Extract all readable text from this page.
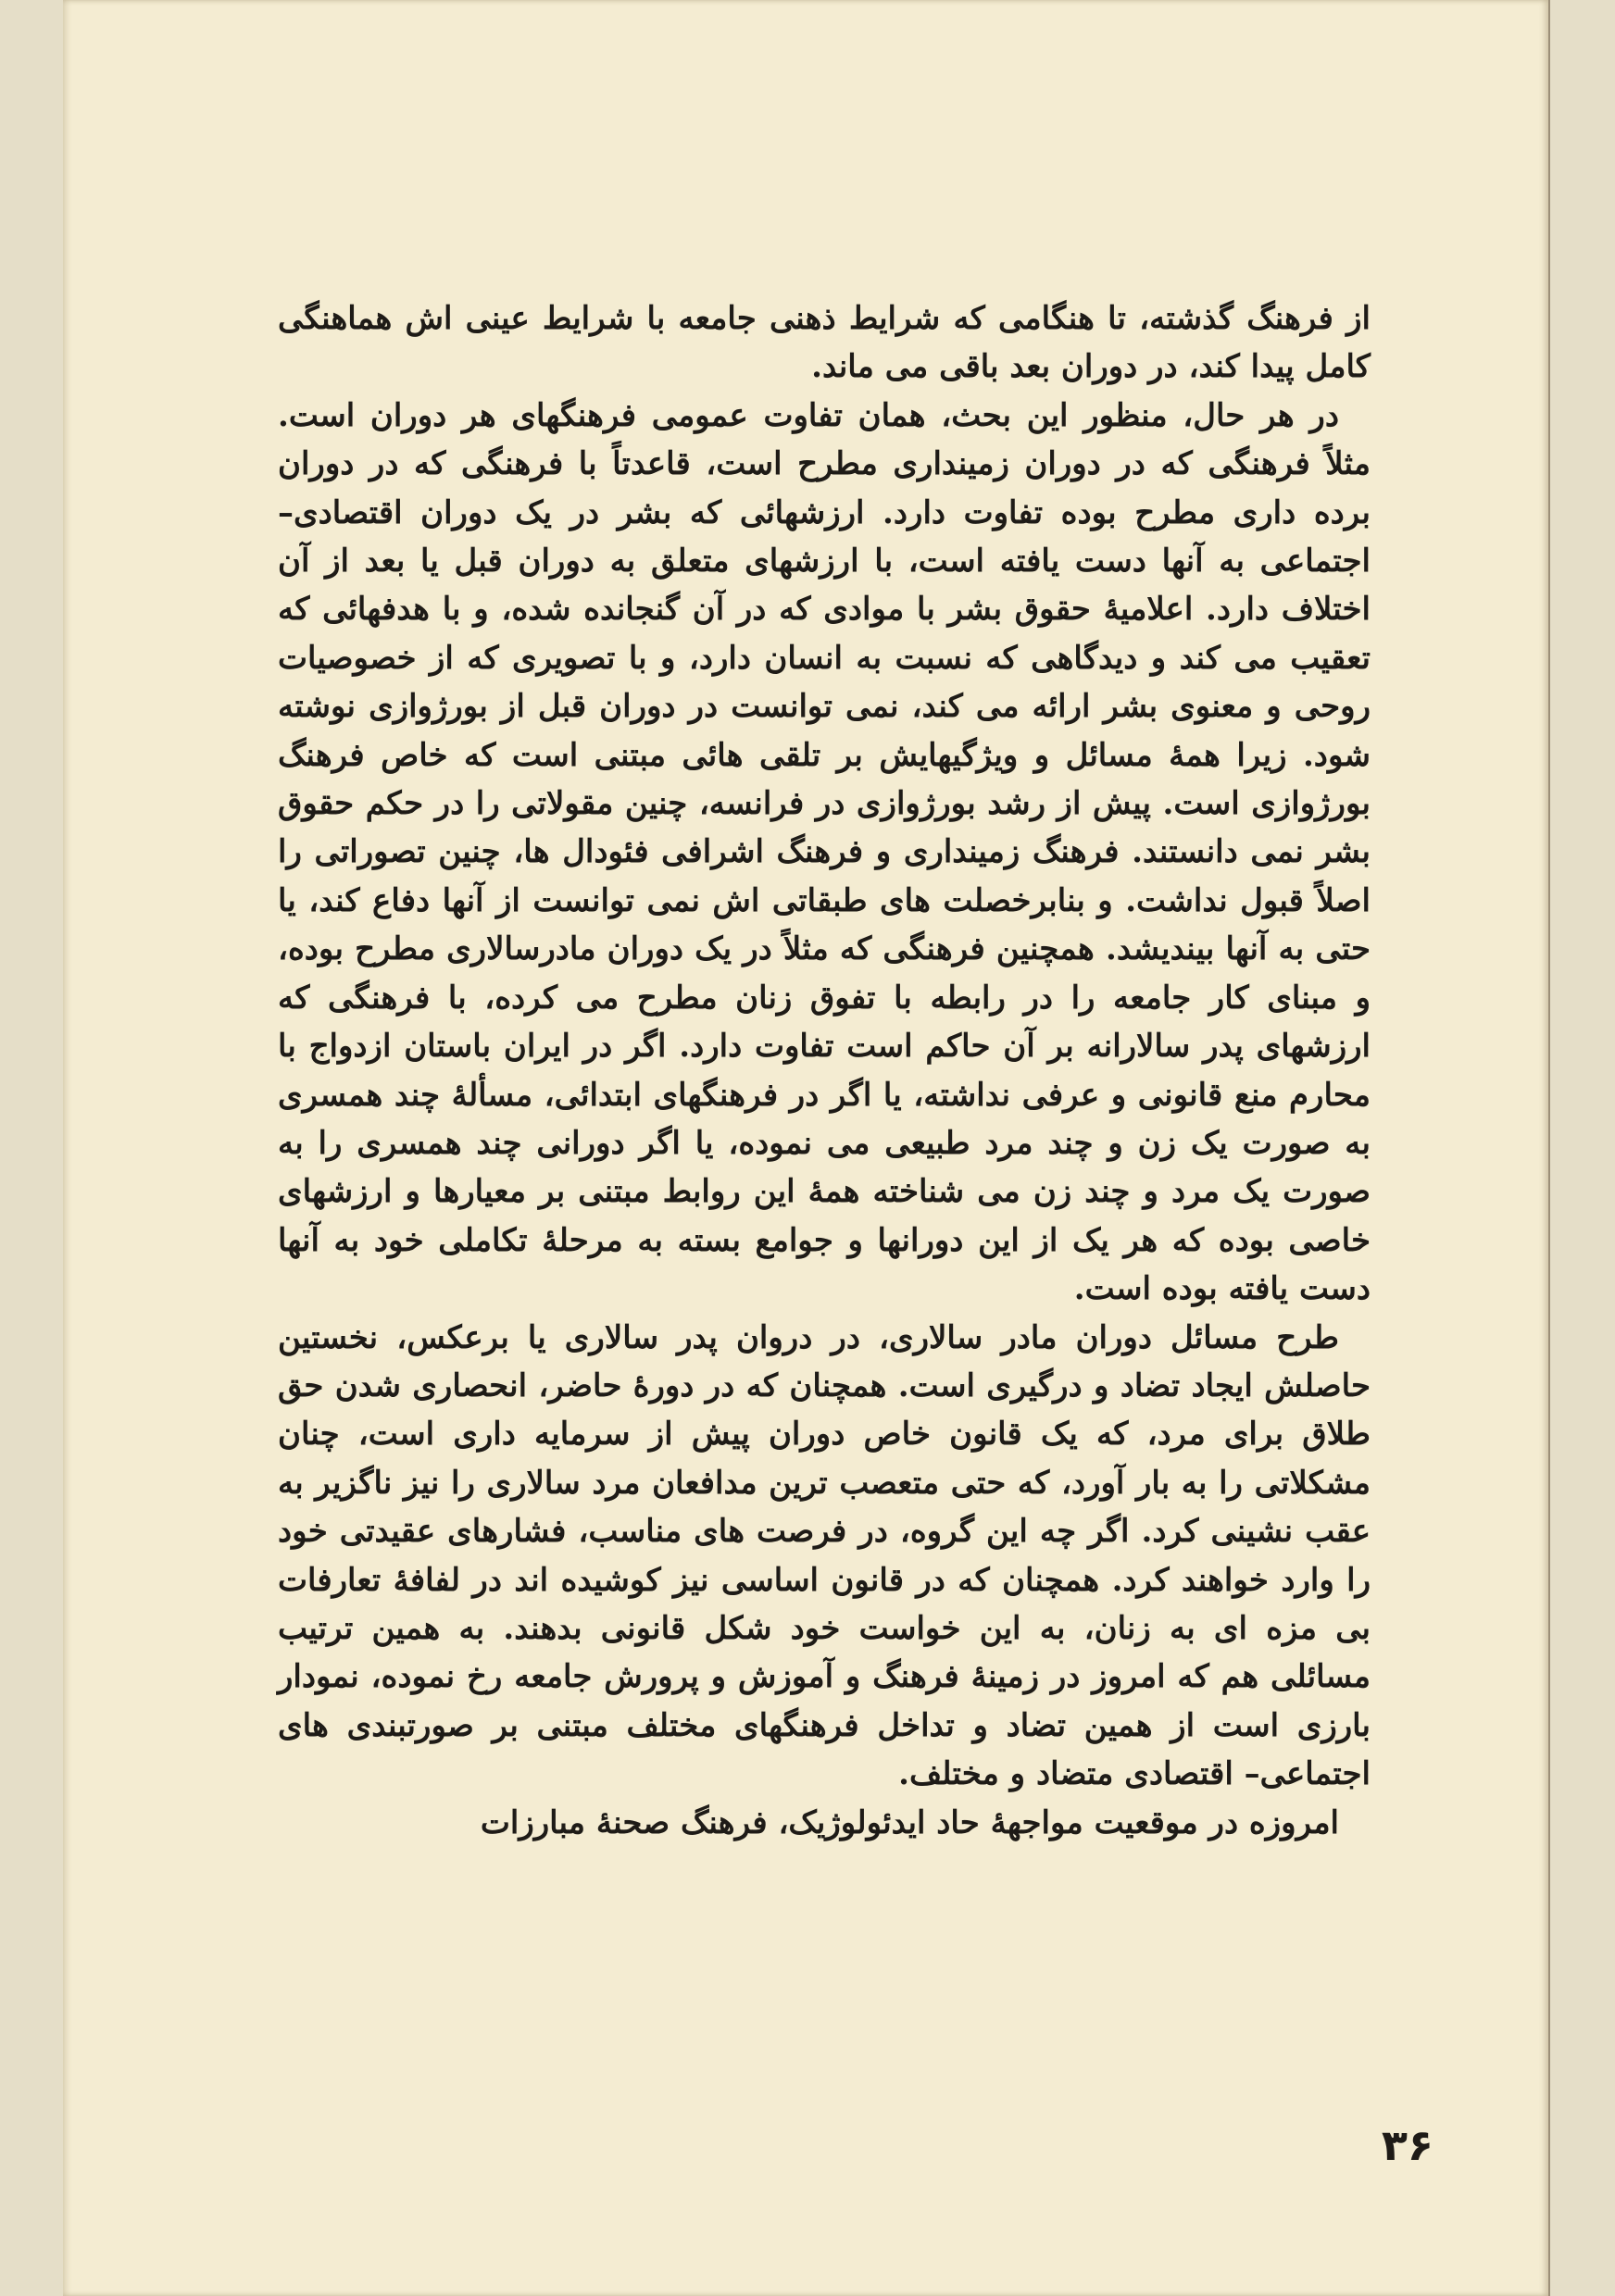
از فرهنگ گذشته، تا هنگامی که شرایط ذهنی جامعه با شرایط عینی اش هماهنگی کامل پیدا کند، در دوران بعد باقی می ماند.

در هر حال، منظور این بحث، همان تفاوت عمومی فرهنگهای هر دوران است. مثلاً فرهنگی که در دوران زمینداری مطرح است، قاعدتاً با فرهنگی که در دوران برده داری مطرح بوده تفاوت دارد. ارزشهائی که بشر در یک دوران اقتصادی– اجتماعی به آنها دست یافته است، با ارزشهای متعلق به دوران قبل یا بعد از آن اختلاف دارد. اعلامیهٔ حقوق بشر با موادی که در آن گنجانده شده، و با هدفهائی که تعقیب می کند و دیدگاهی که نسبت به انسان دارد، و با تصویری که از خصوصیات روحی و معنوی بشر ارائه می کند، نمی توانست در دوران قبل از بورژوازی نوشته شود. زیرا همهٔ مسائل و ویژگیهایش بر تلقی هائی مبتنی است که خاص فرهنگ بورژوازی است. پیش از رشد بورژوازی در فرانسه، چنین مقولاتی را در حکم حقوق بشر نمی دانستند. فرهنگ زمینداری و فرهنگ اشرافی فئودال ها، چنین تصوراتی را اصلاً قبول نداشت. و بنابرخصلت های طبقاتی اش نمی توانست از آنها دفاع کند، یا حتی به آنها بیندیشد. همچنین فرهنگی که مثلاً در یک دوران مادرسالاری مطرح بوده، و مبنای کار جامعه را در رابطه با تفوق زنان مطرح می کرده، با فرهنگی که ارزشهای پدر سالارانه بر آن حاکم است تفاوت دارد. اگر در ایران باستان ازدواج با محارم منع قانونی و عرفی نداشته، یا اگر در فرهنگهای ابتدائی، مسألهٔ چند همسری به صورت یک زن و چند مرد طبیعی می نموده، یا اگر دورانی چند همسری را به صورت یک مرد و چند زن می شناخته همهٔ این روابط مبتنی بر معیارها و ارزشهای خاصی بوده که هر یک از این دورانها و جوامع بسته به مرحلهٔ تکاملی خود به آنها دست یافته بوده است.

طرح مسائل دوران مادر سالاری، در دروان پدر سالاری یا برعکس، نخستین حاصلش ایجاد تضاد و درگیری است. همچنان که در دورهٔ حاضر، انحصاری شدن حق طلاق برای مرد، که یک قانون خاص دوران پیش از سرمایه داری است، چنان مشکلاتی را به بار آورد، که حتی متعصب ترین مدافعان مرد سالاری را نیز ناگزیر به عقب نشینی کرد. اگر چه این گروه، در فرصت های مناسب، فشارهای عقیدتی خود را وارد خواهند کرد. همچنان که در قانون اساسی نیز کوشیده اند در لفافهٔ تعارفات بی مزه ای به زنان، به این خواست خود شکل قانونی بدهند. به همین ترتیب مسائلی هم که امروز در زمینهٔ فرهنگ و آموزش و پرورش جامعه رخ نموده، نمودار بارزی است از همین تضاد و تداخل فرهنگهای مختلف مبتنی بر صورتبندی های اجتماعی– اقتصادی متضاد و مختلف.

امروزه در موقعیت مواجههٔ حاد ایدئولوژیک، فرهنگ صحنهٔ مبارزات

۳۶
